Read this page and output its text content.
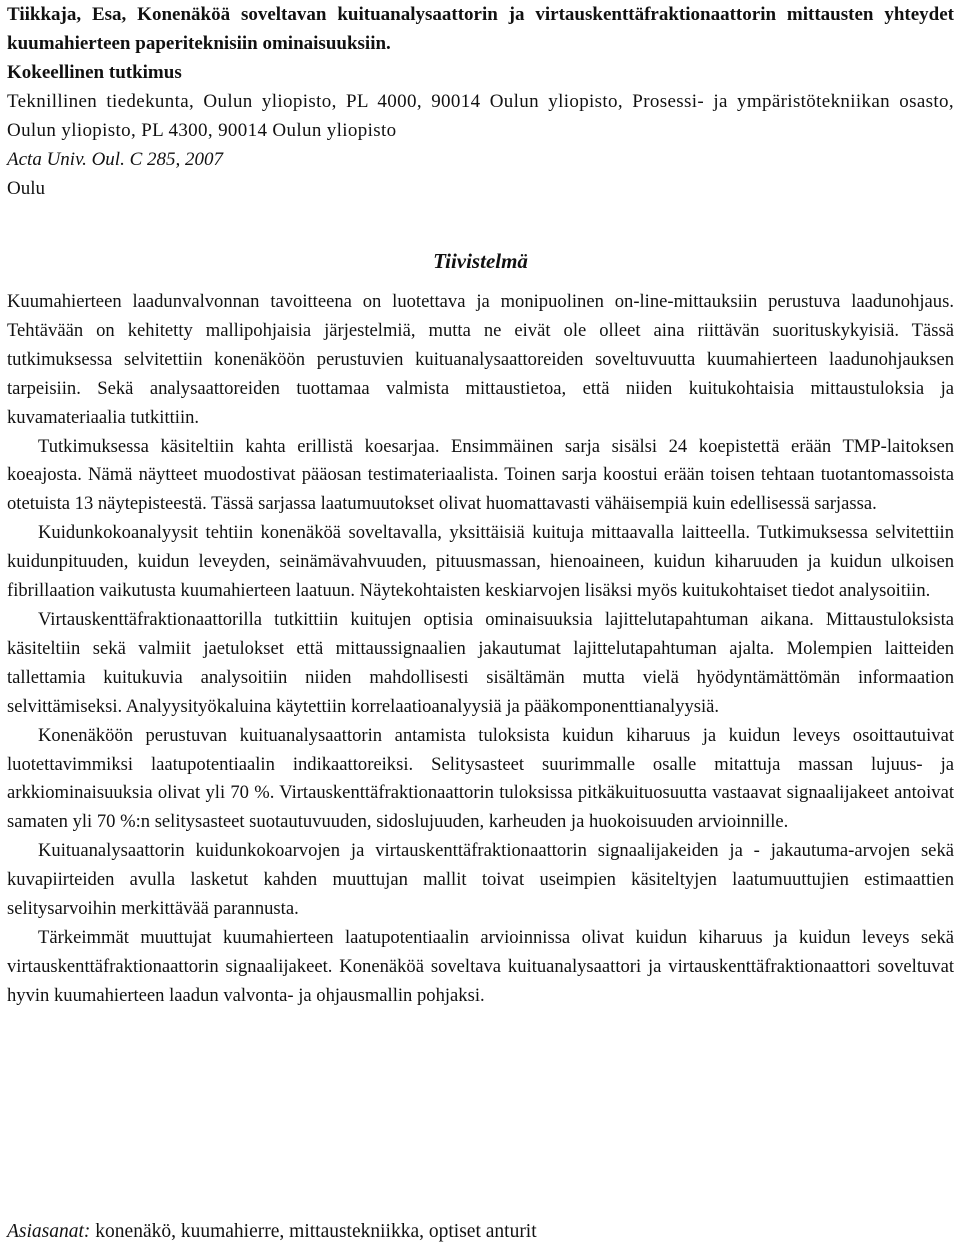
Tiikkaja, Esa, Konenäköä soveltavan kuituanalysaattorin ja virtauskenttäfraktionaattorin mittausten yhteydet kuumahierteen paperiteknisiin ominaisuuksiin.

Kokeellinen tutkimus

Teknillinen tiedekunta, Oulun yliopisto, PL 4000, 90014 Oulun yliopisto, Prosessi- ja ympäristötekniikan osasto, Oulun yliopisto, PL 4300, 90014 Oulun yliopisto

Acta Univ. Oul. C 285, 2007

Oulu

Tiivistelmä

Kuumahierteen laadunvalvonnan tavoitteena on luotettava ja monipuolinen on-line-mittauksiin perustuva laadunohjaus. Tehtävään on kehitetty mallipohjaisia järjestelmiä, mutta ne eivät ole olleet aina riittävän suorituskykyisiä. Tässä tutkimuksessa selvitettiin konenäköön perustuvien kuituanalysaattoreiden soveltuvuutta kuumahierteen laadunohjauksen tarpeisiin. Sekä analysaattoreiden tuottamaa valmista mittaustietoa, että niiden kuitukohtaisia mittaustuloksia ja kuvamateriaalia tutkittiin.

Tutkimuksessa käsiteltiin kahta erillistä koesarjaa. Ensimmäinen sarja sisälsi 24 koepistettä erään TMP-laitoksen koeajosta. Nämä näytteet muodostivat pääosan testimateriaalista. Toinen sarja koostui erään toisen tehtaan tuotantomassoista otetuista 13 näytepisteestä. Tässä sarjassa laatumuutokset olivat huomattavasti vähäisempiä kuin edellisessä sarjassa.

Kuidunkokoanalyysit tehtiin konenäköä soveltavalla, yksittäisiä kuituja mittaavalla laitteella. Tutkimuksessa selvitettiin kuidunpituuden, kuidun leveyden, seinämävahvuuden, pituusmassan, hienoaineen, kuidun kiharuuden ja kuidun ulkoisen fibrillaation vaikutusta kuumahierteen laatuun. Näytekohtaisten keskiarvojen lisäksi myös kuitukohtaiset tiedot analysoitiin.

Virtauskenttäfraktionaattorilla tutkittiin kuitujen optisia ominaisuuksia lajittelutapahtuman aikana. Mittaustuloksista käsiteltiin sekä valmiit jaetulokset että mittaussignaalien jakautumat lajittelutapahtuman ajalta. Molempien laitteiden tallettamia kuitukuvia analysoitiin niiden mahdollisesti sisältämän mutta vielä hyödyntämättömän informaation selvittämiseksi. Analyysityökaluina käytettiin korrelaatioanalyysiä ja pääkomponenttianalyysiä.

Konenäköön perustuvan kuituanalysaattorin antamista tuloksista kuidun kiharuus ja kuidun leveys osoittautuivat luotettavimmiksi laatupotentiaalin indikaattoreiksi. Selitysasteet suurimmalle osalle mitattuja massan lujuus- ja arkkiominaisuuksia olivat yli 70 %. Virtauskenttäfraktionaattorin tuloksissa pitkäkuituosuutta vastaavat signaalijakeet antoivat samaten yli 70 %:n selitysasteet suotautuvuuden, sidoslujuuden, karheuden ja huokoisuuden arvioinnille.

Kuituanalysaattorin kuidunkokoarvojen ja virtauskenttäfraktionaattorin signaalijakeiden ja - jakautuma-arvojen sekä kuvapiirteiden avulla lasketut kahden muuttujan mallit toivat useimpien käsiteltyjen laatumuuttujien estimaattien selitysarvoihin merkittävää parannusta.

Tärkeimmät muuttujat kuumahierteen laatupotentiaalin arvioinnissa olivat kuidun kiharuus ja kuidun leveys sekä virtauskenttäfraktionaattorin signaalijakeet. Konenäköä soveltava kuituanalysaattori ja virtauskenttäfraktionaattori soveltuvat hyvin kuumahierteen laadun valvonta- ja ohjausmallin pohjaksi.

Asiasanat: konenäkö, kuumahierre, mittaustekniikka, optiset anturit
